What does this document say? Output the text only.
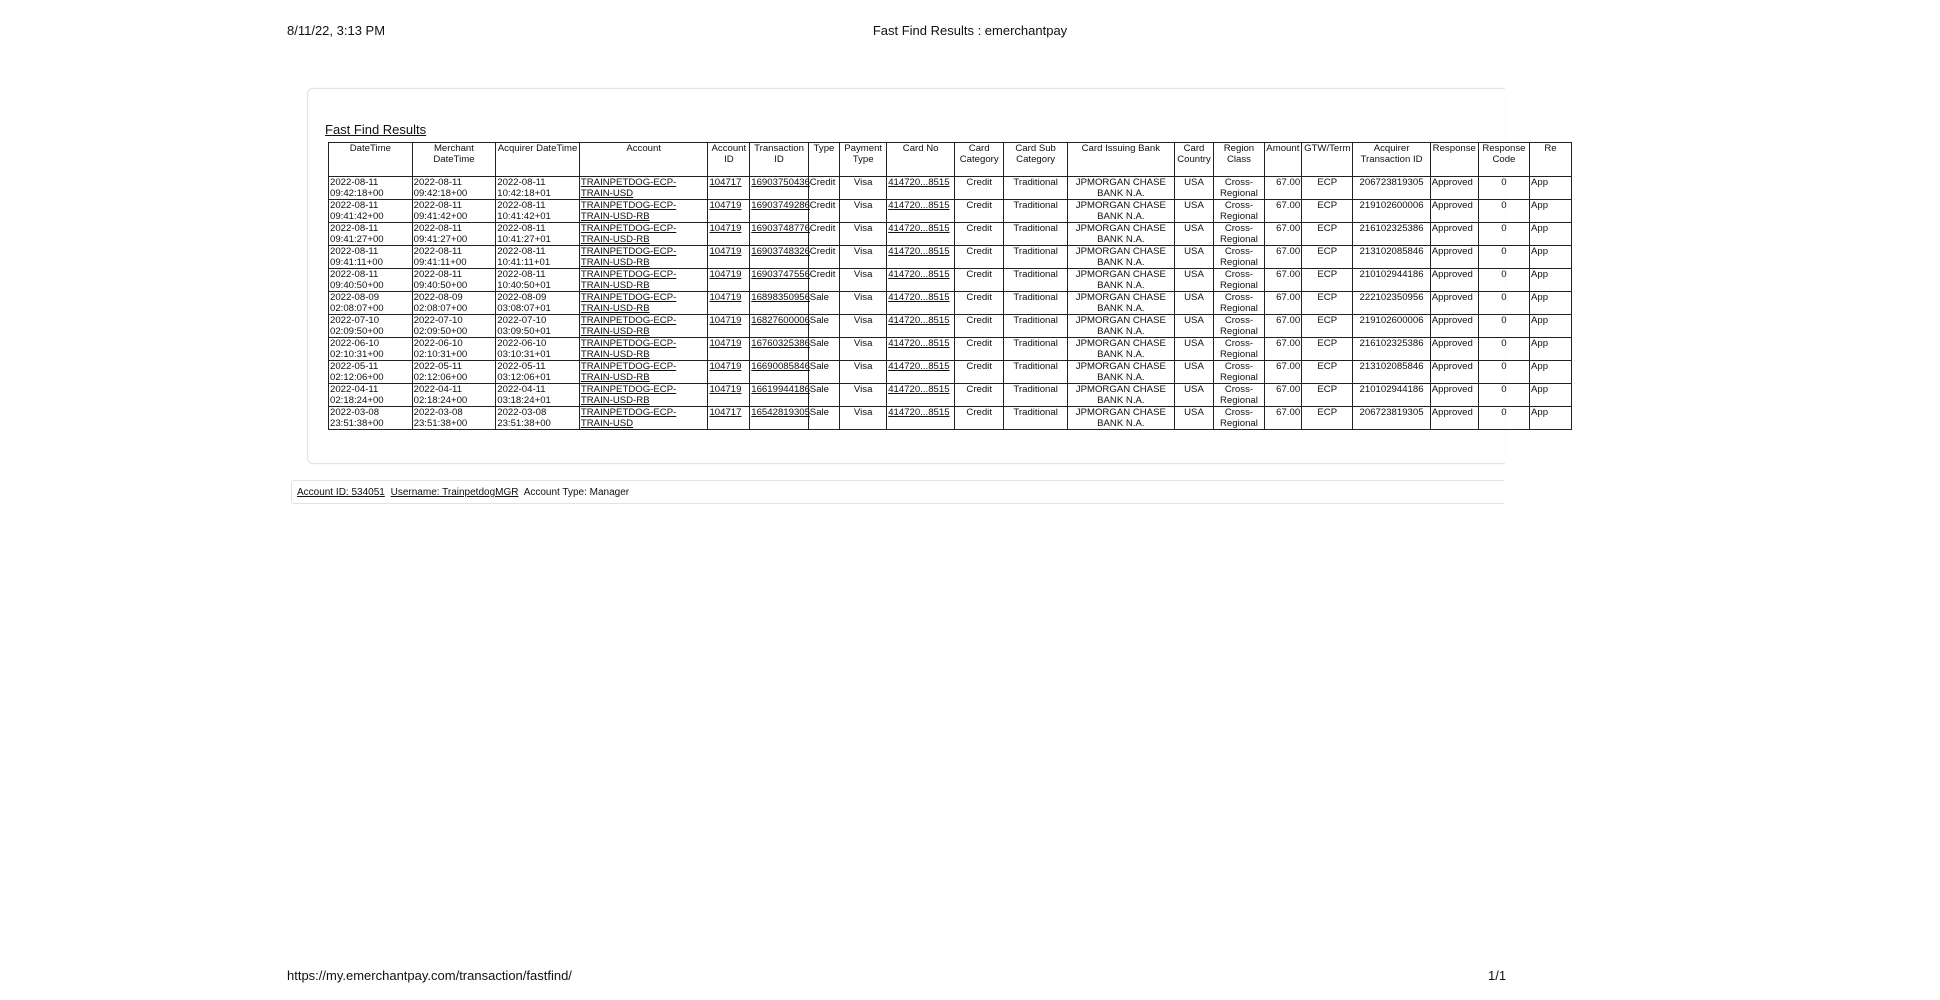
8/11/22, 3:13 PM	Fast Find Results : emerchantpay
Fast Find Results
DateTime	Merchant DateTime	Acquirer DateTime	Account	Account ID	Transaction ID	Type	Payment Type	Card No	Card Category	Card Sub Category	Card Issuing Bank	Card Country	Region Class	Amount	GTW/Term	Acquirer Transaction ID	Response	Response Code	Re
2022-08-11 09:42:18+00	2022-08-11 09:42:18+00	2022-08-11 10:42:18+01	TRAINPETDOG-ECP-TRAIN-USD	104717	16903750436	Credit	Visa	414720...8515	Credit	Traditional	JPMORGAN CHASE BANK N.A.	USA	Cross-Regional	67.00	ECP	206723819305	Approved	0	App
2022-08-11 09:41:42+00	2022-08-11 09:41:42+00	2022-08-11 10:41:42+01	TRAINPETDOG-ECP-TRAIN-USD-RB	104719	16903749286	Credit	Visa	414720...8515	Credit	Traditional	JPMORGAN CHASE BANK N.A.	USA	Cross-Regional	67.00	ECP	219102600006	Approved	0	App
2022-08-11 09:41:27+00	2022-08-11 09:41:27+00	2022-08-11 10:41:27+01	TRAINPETDOG-ECP-TRAIN-USD-RB	104719	16903748776	Credit	Visa	414720...8515	Credit	Traditional	JPMORGAN CHASE BANK N.A.	USA	Cross-Regional	67.00	ECP	216102325386	Approved	0	App
2022-08-11 09:41:11+00	2022-08-11 09:41:11+00	2022-08-11 10:41:11+01	TRAINPETDOG-ECP-TRAIN-USD-RB	104719	16903748326	Credit	Visa	414720...8515	Credit	Traditional	JPMORGAN CHASE BANK N.A.	USA	Cross-Regional	67.00	ECP	213102085846	Approved	0	App
2022-08-11 09:40:50+00	2022-08-11 09:40:50+00	2022-08-11 10:40:50+01	TRAINPETDOG-ECP-TRAIN-USD-RB	104719	16903747556	Credit	Visa	414720...8515	Credit	Traditional	JPMORGAN CHASE BANK N.A.	USA	Cross-Regional	67.00	ECP	210102944186	Approved	0	App
2022-08-09 02:08:07+00	2022-08-09 02:08:07+00	2022-08-09 03:08:07+01	TRAINPETDOG-ECP-TRAIN-USD-RB	104719	16898350956	Sale	Visa	414720...8515	Credit	Traditional	JPMORGAN CHASE BANK N.A.	USA	Cross-Regional	67.00	ECP	222102350956	Approved	0	App
2022-07-10 02:09:50+00	2022-07-10 02:09:50+00	2022-07-10 03:09:50+01	TRAINPETDOG-ECP-TRAIN-USD-RB	104719	16827600006	Sale	Visa	414720...8515	Credit	Traditional	JPMORGAN CHASE BANK N.A.	USA	Cross-Regional	67.00	ECP	219102600006	Approved	0	App
2022-06-10 02:10:31+00	2022-06-10 02:10:31+00	2022-06-10 03:10:31+01	TRAINPETDOG-ECP-TRAIN-USD-RB	104719	16760325386	Sale	Visa	414720...8515	Credit	Traditional	JPMORGAN CHASE BANK N.A.	USA	Cross-Regional	67.00	ECP	216102325386	Approved	0	App
2022-05-11 02:12:06+00	2022-05-11 02:12:06+00	2022-05-11 03:12:06+01	TRAINPETDOG-ECP-TRAIN-USD-RB	104719	16690085846	Sale	Visa	414720...8515	Credit	Traditional	JPMORGAN CHASE BANK N.A.	USA	Cross-Regional	67.00	ECP	213102085846	Approved	0	App
2022-04-11 02:18:24+00	2022-04-11 02:18:24+00	2022-04-11 03:18:24+01	TRAINPETDOG-ECP-TRAIN-USD-RB	104719	16619944186	Sale	Visa	414720...8515	Credit	Traditional	JPMORGAN CHASE BANK N.A.	USA	Cross-Regional	67.00	ECP	210102944186	Approved	0	App
2022-03-08 23:51:38+00	2022-03-08 23:51:38+00	2022-03-08 23:51:38+00	TRAINPETDOG-ECP-TRAIN-USD	104717	16542819305	Sale	Visa	414720...8515	Credit	Traditional	JPMORGAN CHASE BANK N.A.	USA	Cross-Regional	67.00	ECP	206723819305	Approved	0	App
Account ID: 534051 Username: TrainpetdogMGR Account Type: Manager
https://my.emerchantpay.com/transaction/fastfind/	1/1
